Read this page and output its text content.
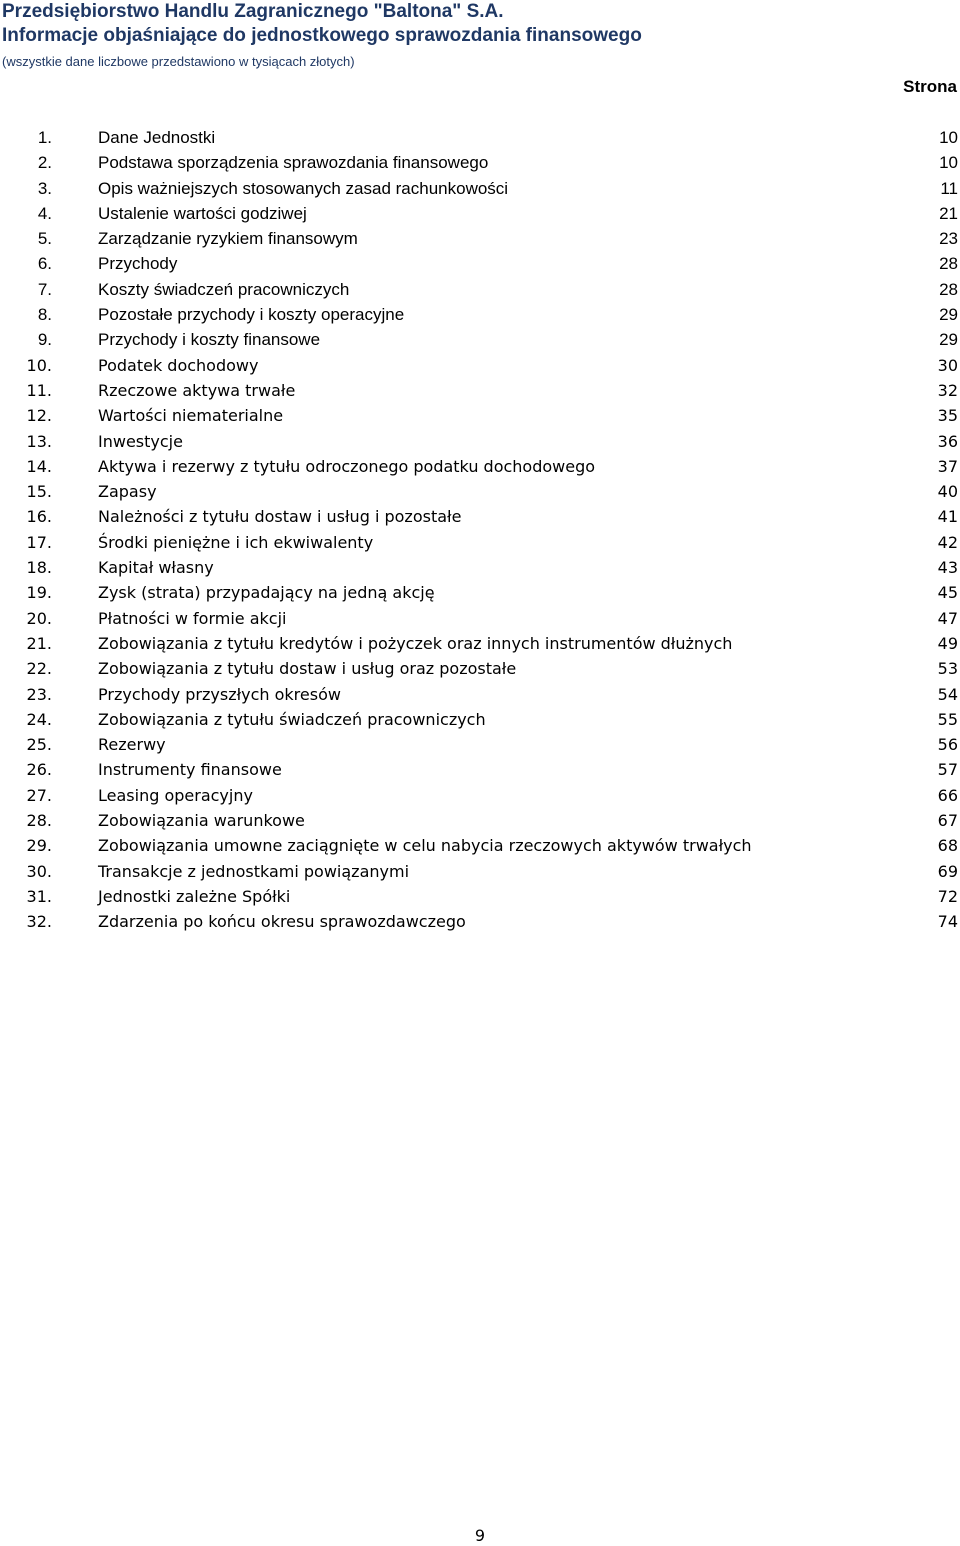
Przedsiębiorstwo Handlu Zagranicznego "Baltona" S.A.
Informacje objaśniające do jednostkowego sprawozdania finansowego
(wszystkie dane liczbowe przedstawiono w tysiącach złotych)
Strona
1.	Dane Jednostki	10
2.	Podstawa sporządzenia sprawozdania finansowego	10
3.	Opis ważniejszych stosowanych zasad rachunkowości	11
4.	Ustalenie wartości godziwej	21
5.	Zarządzanie ryzykiem finansowym	23
6.	Przychody	28
7.	Koszty świadczeń pracowniczych	28
8.	Pozostałe przychody i koszty operacyjne	29
9.	Przychody i koszty finansowe	29
10.	Podatek dochodowy	30
11.	Rzeczowe aktywa trwałe	32
12.	Wartości niematerialne	35
13.	Inwestycje	36
14.	Aktywa i rezerwy z tytułu odroczonego podatku dochodowego	37
15.	Zapasy	40
16.	Należności z tytułu dostaw i usług i pozostałe	41
17.	Środki pieniężne i ich ekwiwalenty	42
18.	Kapitał własny	43
19.	Zysk (strata) przypadający na jedną akcję	45
20.	Płatności w formie akcji	47
21.	Zobowiązania z tytułu kredytów i pożyczek oraz innych instrumentów dłużnych	49
22.	Zobowiązania z tytułu dostaw i usług oraz pozostałe	53
23.	Przychody przyszłych okresów	54
24.	Zobowiązania z tytułu świadczeń pracowniczych	55
25.	Rezerwy	56
26.	Instrumenty finansowe	57
27.	Leasing operacyjny	66
28.	Zobowiązania warunkowe	67
29.	Zobowiązania umowne zaciągnięte w celu nabycia rzeczowych aktywów trwałych	68
30.	Transakcje z jednostkami powiązanymi	69
31.	Jednostki zależne Spółki	72
32.	Zdarzenia po końcu okresu sprawozdawczego	74
9
